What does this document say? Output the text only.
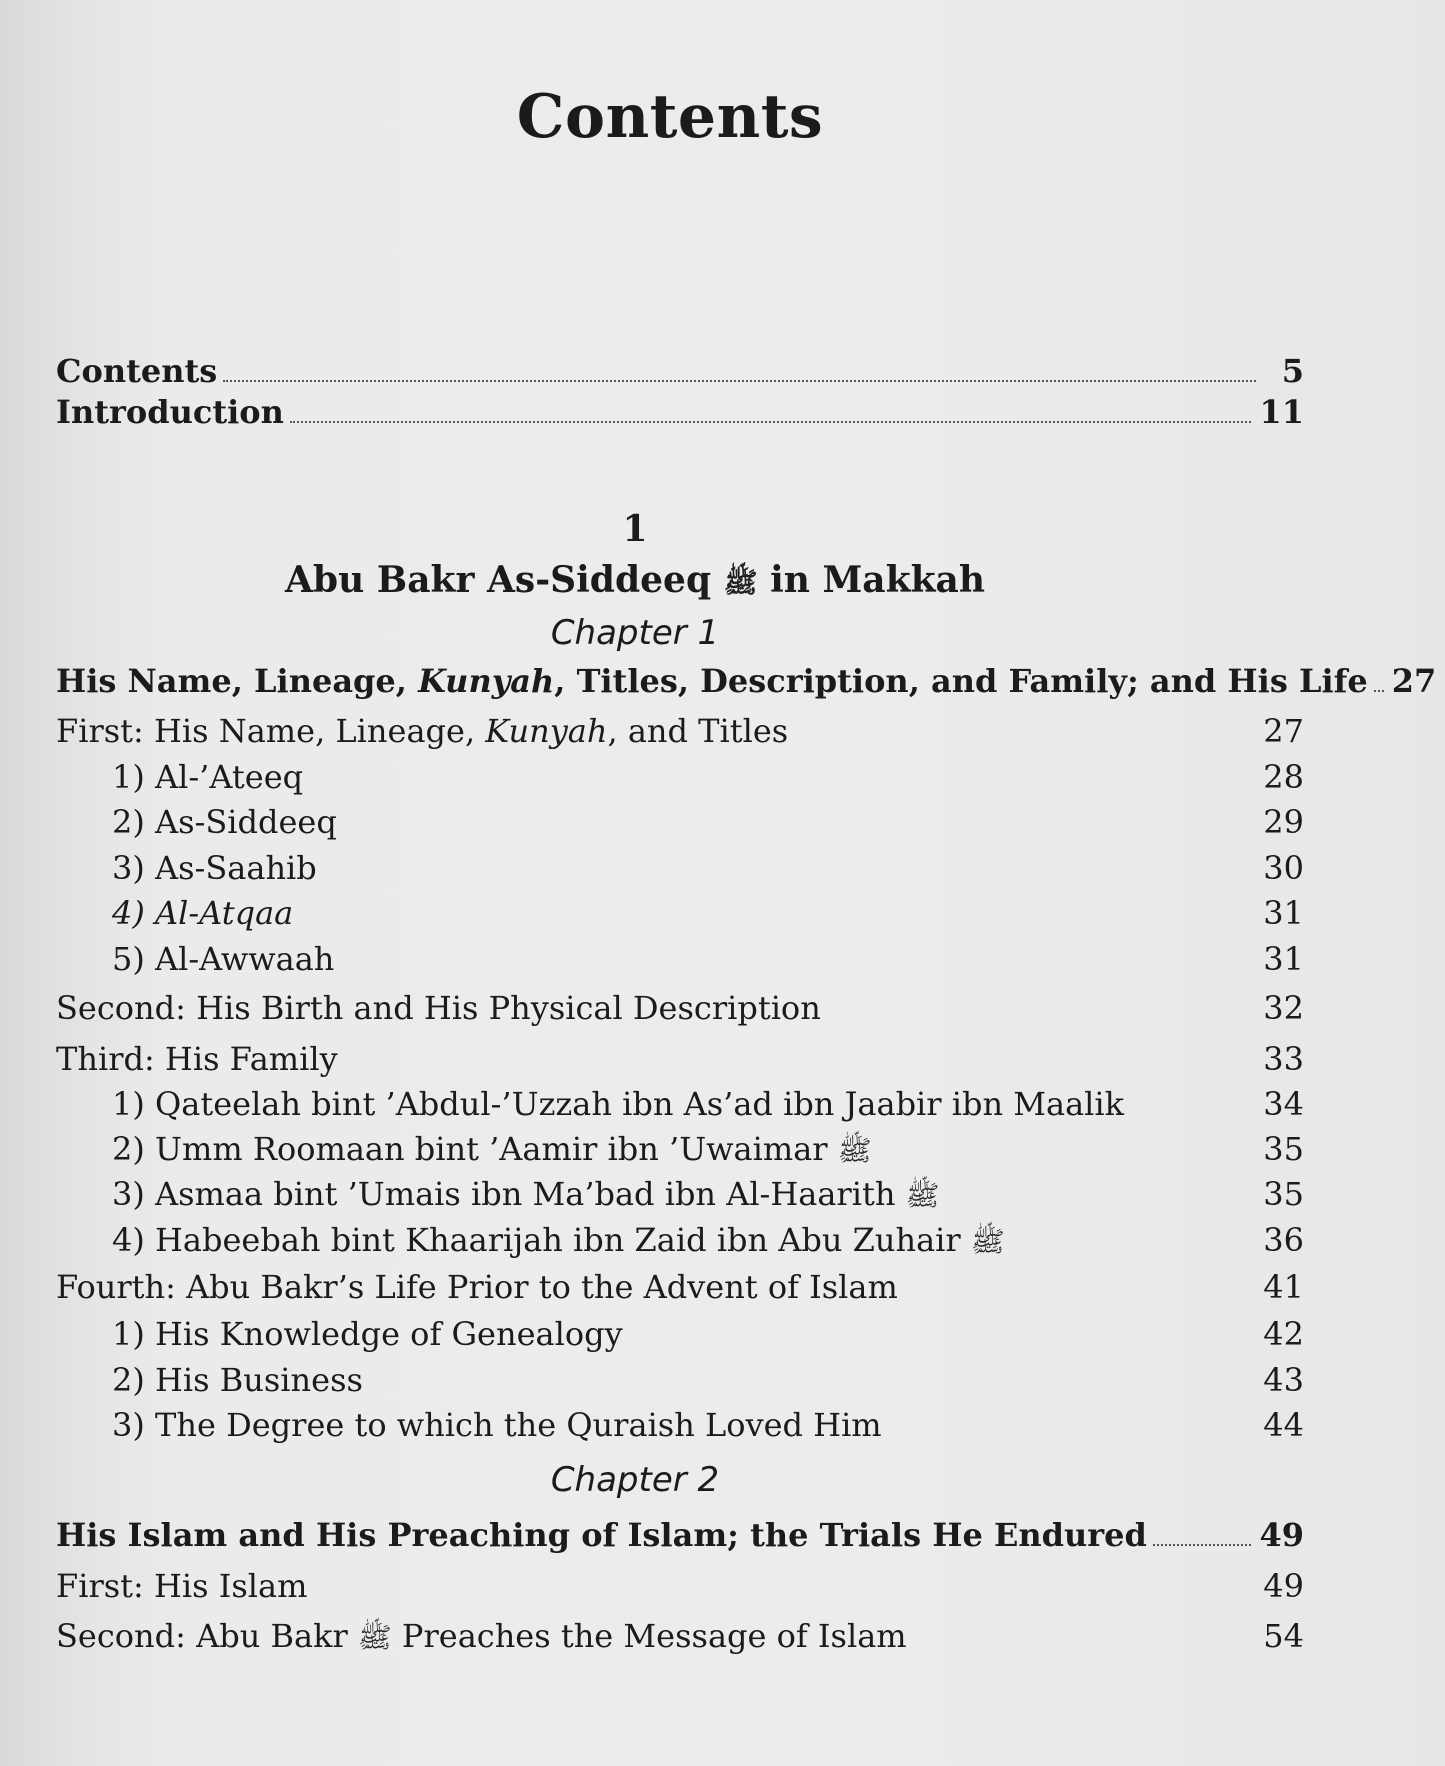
Contents
Contents	5
Introduction	11
1
Abu Bakr As-Siddeeq ﷺ in Makkah
Chapter 1
His Name, Lineage, Kunyah, Titles, Description, and Family; and His Life 27
First: His Name, Lineage, Kunyah, and Titles	27
1) Al-’Ateeq	28
2) As-Siddeeq	29
3) As-Saahib	30
4) Al-Atqaa	31
5) Al-Awwaah	31
Second: His Birth and His Physical Description	32
Third: His Family	33
1) Qateelah bint ’Abdul-’Uzzah ibn As’ad ibn Jaabir ibn Maalik	34
2) Umm Roomaan bint ’Aamir ibn ’Uwaimar ﷺ	35
3) Asmaa bint ’Umais ibn Ma’bad ibn Al-Haarith ﷺ	35
4) Habeebah bint Khaarijah ibn Zaid ibn Abu Zuhair ﷺ	36
Fourth: Abu Bakr’s Life Prior to the Advent of Islam	41
1) His Knowledge of Genealogy	42
2) His Business	43
3) The Degree to which the Quraish Loved Him	44
Chapter 2
His Islam and His Preaching of Islam; the Trials He Endured	49
First: His Islam	49
Second: Abu Bakr ﷺ Preaches the Message of Islam	54
